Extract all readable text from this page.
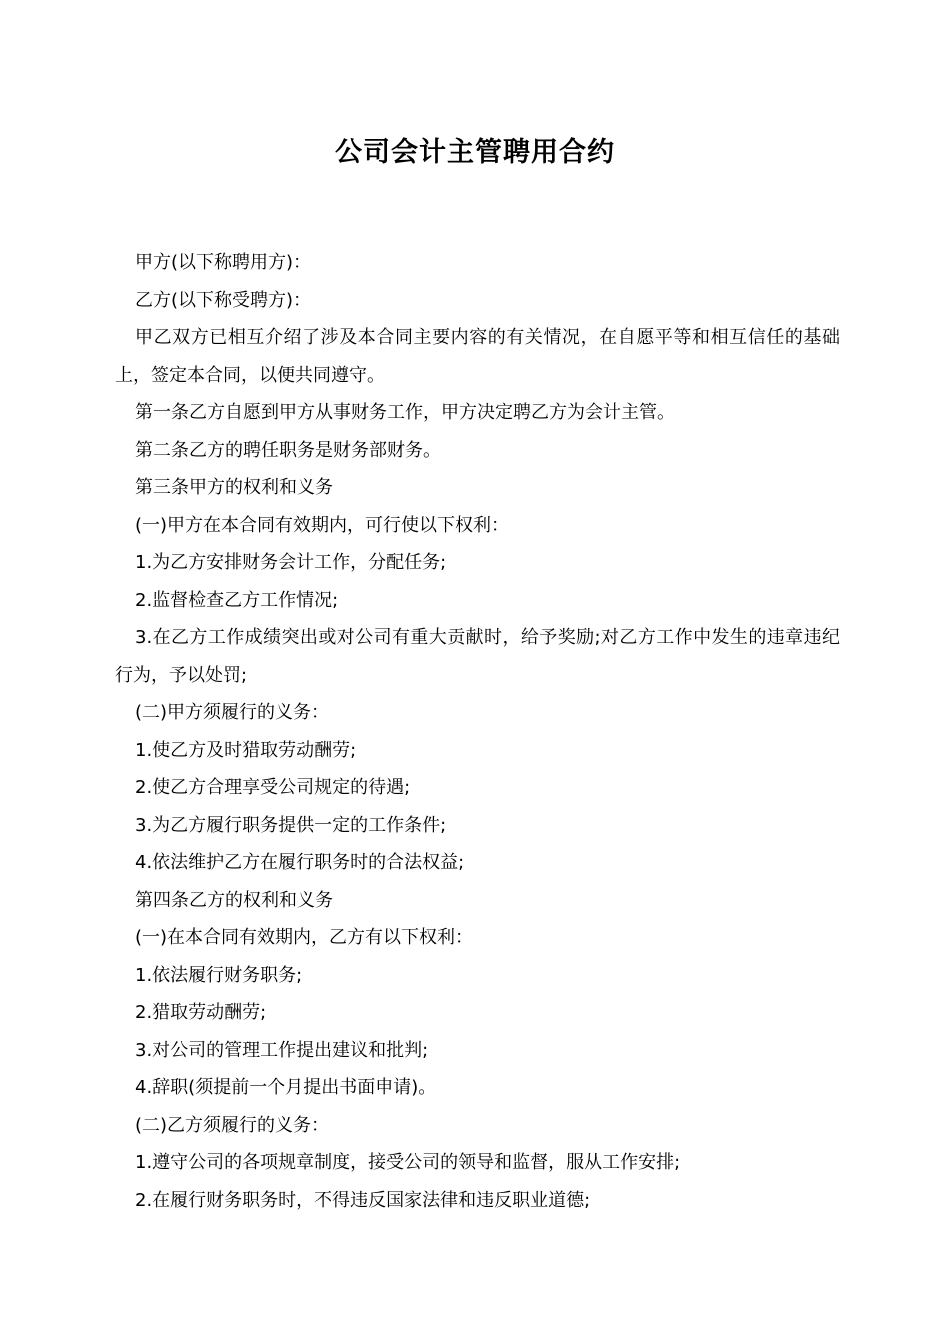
公司会计主管聘用合约

甲方(以下称聘用方)：

乙方(以下称受聘方)：

甲乙双方已相互介绍了涉及本合同主要内容的有关情况，在自愿平等和相互信任的基础上，签定本合同，以便共同遵守。

第一条乙方自愿到甲方从事财务工作，甲方决定聘乙方为会计主管。

第二条乙方的聘任职务是财务部财务。

第三条甲方的权利和义务

(一)甲方在本合同有效期内，可行使以下权利：

1.为乙方安排财务会计工作，分配任务;

2.监督检查乙方工作情况;

3.在乙方工作成绩突出或对公司有重大贡献时，给予奖励;对乙方工作中发生的违章违纪行为，予以处罚;

(二)甲方须履行的义务：

1.使乙方及时猎取劳动酬劳;

2.使乙方合理享受公司规定的待遇;

3.为乙方履行职务提供一定的工作条件;

4.依法维护乙方在履行职务时的合法权益;

第四条乙方的权利和义务

(一)在本合同有效期内，乙方有以下权利：

1.依法履行财务职务;

2.猎取劳动酬劳;

3.对公司的管理工作提出建议和批判;

4.辞职(须提前一个月提出书面申请)。

(二)乙方须履行的义务：

1.遵守公司的各项规章制度，接受公司的领导和监督，服从工作安排;

2.在履行财务职务时，不得违反国家法律和违反职业道德;
